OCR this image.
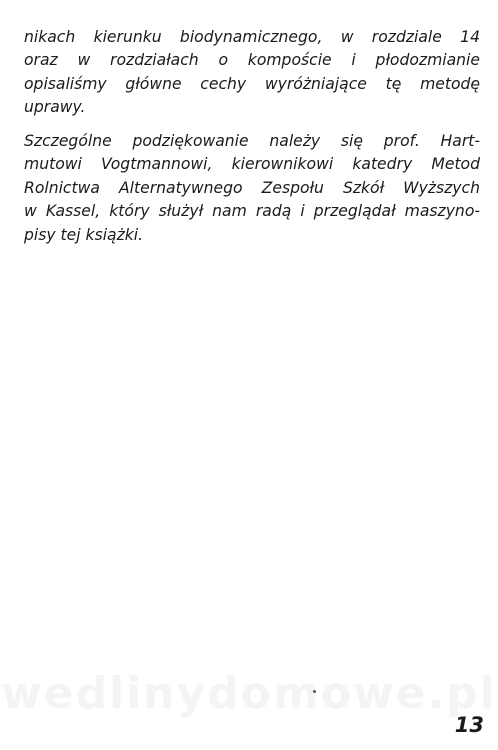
nikach kierunku biodynamicznego, w rozdziale 14
oraz w rozdziałach o kompoście i płodozmianie
opisaliśmy główne cechy wyróżniające tę metodę
uprawy.
Szczególne podziękowanie należy się prof. Hart-
mutowi Vogtmannowi, kierownikowi katedry Metod
Rolnictwa Alternatywnego Zespołu Szkół Wyższych
w Kassel, który służył nam radą i przeglądał maszyno-
pisy tej książki.
13
